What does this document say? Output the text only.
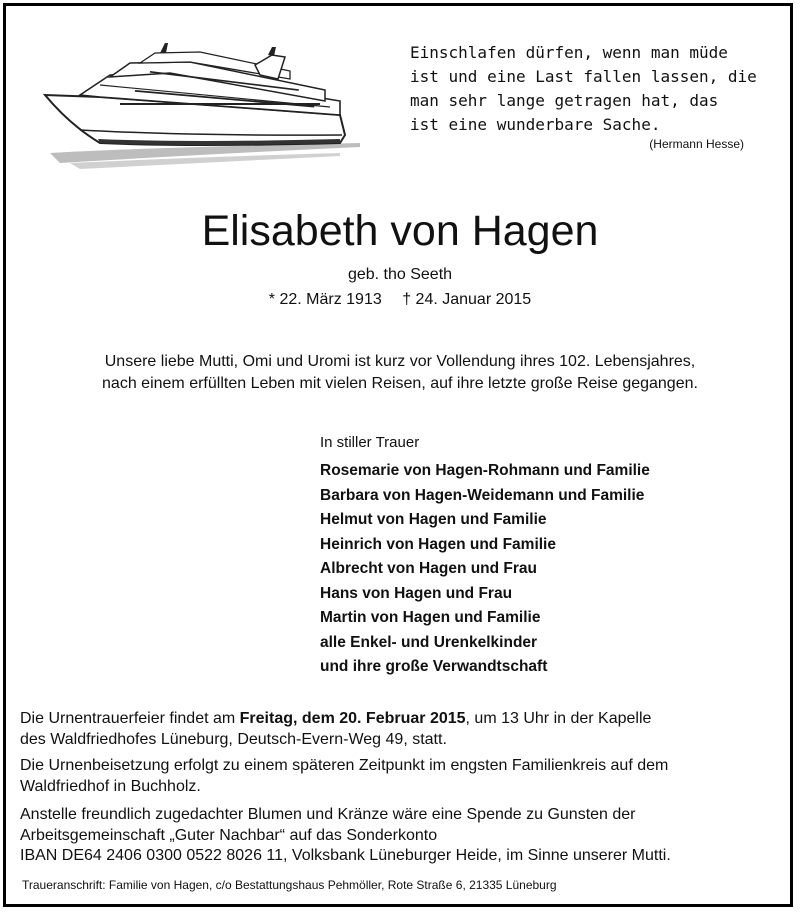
Einschlafen dürfen, wenn man müde
ist und eine Last fallen lassen, die
man sehr lange getragen hat, das
ist eine wunderbare Sache.
(Hermann Hesse)
Elisabeth von Hagen
geb. tho Seeth
* 22. März 1913 † 24. Januar 2015
Unsere liebe Mutti, Omi und Uromi ist kurz vor Vollendung ihres 102. Lebensjahres,
nach einem erfüllten Leben mit vielen Reisen, auf ihre letzte große Reise gegangen.
In stiller Trauer
Rosemarie von Hagen-Rohmann und Familie
Barbara von Hagen-Weidemann und Familie
Helmut von Hagen und Familie
Heinrich von Hagen und Familie
Albrecht von Hagen und Frau
Hans von Hagen und Frau
Martin von Hagen und Familie
alle Enkel- und Urenkelkinder
und ihre große Verwandtschaft
Die Urnentrauerfeier findet am Freitag, dem 20. Februar 2015, um 13 Uhr in der Kapelle
des Waldfriedhofes Lüneburg, Deutsch-Evern-Weg 49, statt.
Die Urnenbeisetzung erfolgt zu einem späteren Zeitpunkt im engsten Familienkreis auf dem
Waldfriedhof in Buchholz.
Anstelle freundlich zugedachter Blumen und Kränze wäre eine Spende zu Gunsten der
Arbeitsgemeinschaft „Guter Nachbar“ auf das Sonderkonto
IBAN DE64 2406 0300 0522 8026 11, Volksbank Lüneburger Heide, im Sinne unserer Mutti.
Traueranschrift: Familie von Hagen, c/o Bestattungshaus Pehmöller, Rote Straße 6, 21335 Lüneburg
